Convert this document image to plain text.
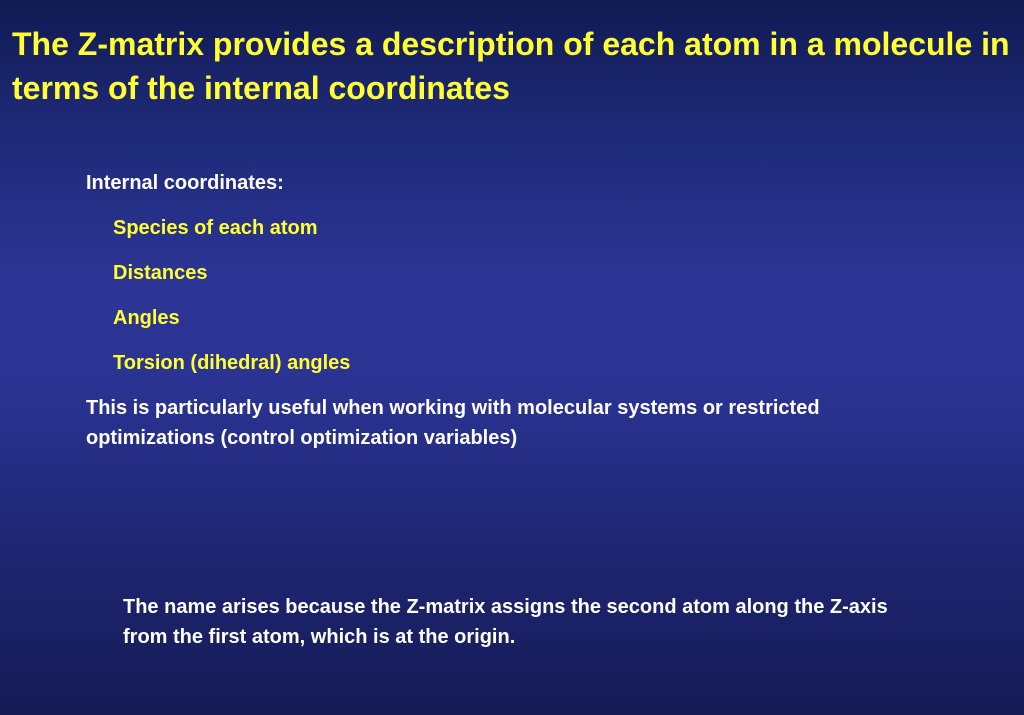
The Z-matrix provides a description of each atom in a molecule in terms of the internal coordinates

Internal coordinates:

Species of each atom
Distances
Angles
Torsion (dihedral) angles

This is particularly useful when working with molecular systems or restricted optimizations (control optimization variables)

The name arises because the Z-matrix assigns the second atom along the Z-axis from the first atom, which is at the origin.
